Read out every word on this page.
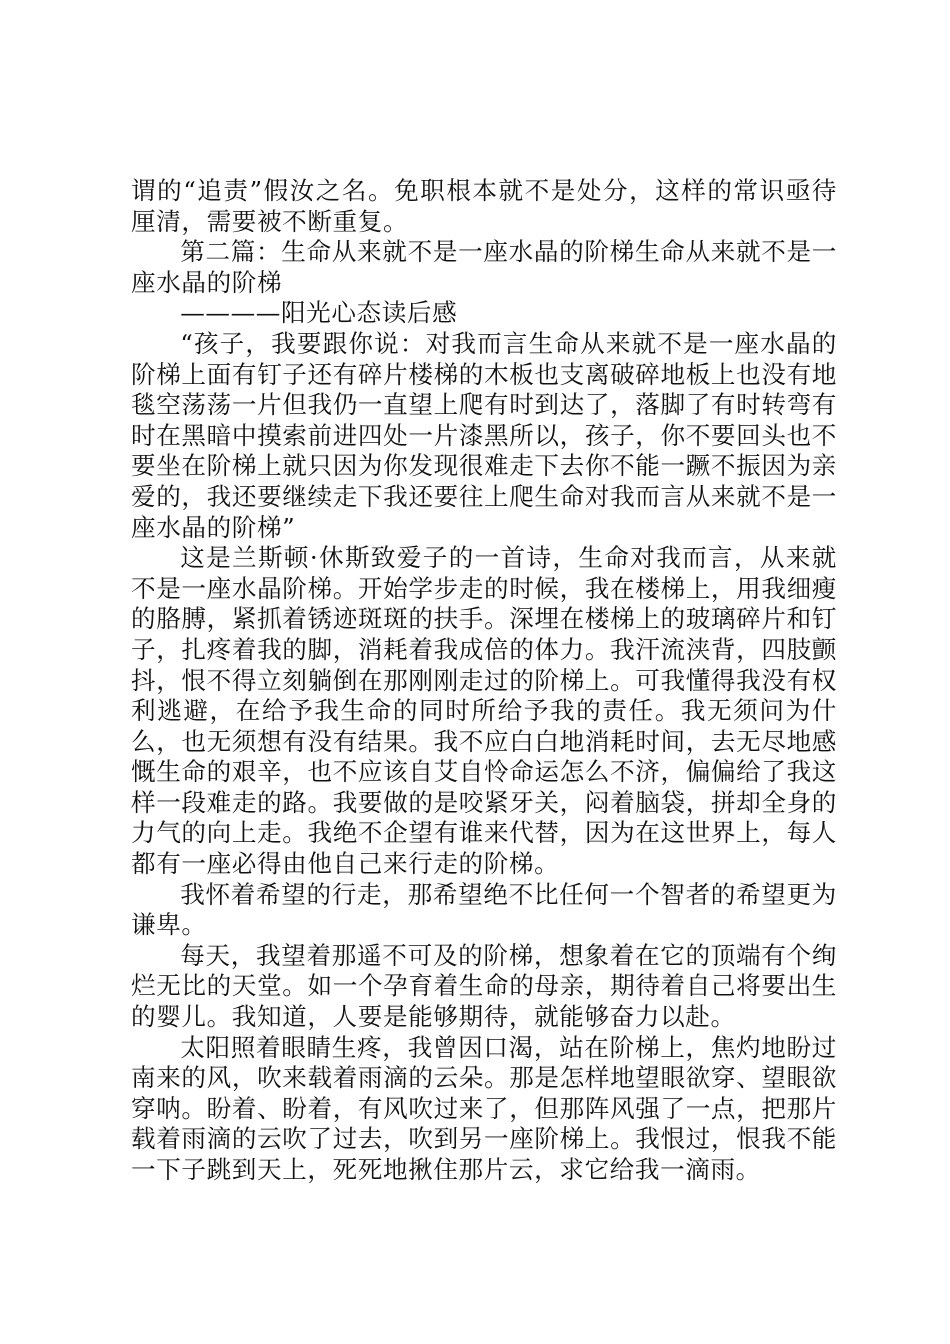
谓的“追责”假汝之名。免职根本就不是处分，这样的常识亟待厘清，需要被不断重复。

第二篇：生命从来就不是一座水晶的阶梯生命从来就不是一座水晶的阶梯

————阳光心态读后感

“孩子，我要跟你说：对我而言生命从来就不是一座水晶的阶梯上面有钉子还有碎片楼梯的木板也支离破碎地板上也没有地毯空荡荡一片但我仍一直望上爬有时到达了，落脚了有时转弯有时在黑暗中摸索前进四处一片漆黑所以，孩子，你不要回头也不要坐在阶梯上就只因为你发现很难走下去你不能一蹶不振因为亲爱的，我还要继续走下我还要往上爬生命对我而言从来就不是一座水晶的阶梯”

这是兰斯顿·休斯致爱子的一首诗，生命对我而言，从来就不是一座水晶阶梯。开始学步走的时候，我在楼梯上，用我细瘦的胳膊，紧抓着锈迹斑斑的扶手。深埋在楼梯上的玻璃碎片和钉子，扎疼着我的脚，消耗着我成倍的体力。我汗流浃背，四肢颤抖，恨不得立刻躺倒在那刚刚走过的阶梯上。可我懂得我没有权利逃避，在给予我生命的同时所给予我的责任。我无须问为什么，也无须想有没有结果。我不应白白地消耗时间，去无尽地感慨生命的艰辛，也不应该自艾自怜命运怎么不济，偏偏给了我这样一段难走的路。我要做的是咬紧牙关，闷着脑袋，拼却全身的力气的向上走。我绝不企望有谁来代替，因为在这世界上，每人都有一座必得由他自己来行走的阶梯。

我怀着希望的行走，那希望绝不比任何一个智者的希望更为谦卑。

每天，我望着那遥不可及的阶梯，想象着在它的顶端有个绚烂无比的天堂。如一个孕育着生命的母亲，期待着自己将要出生的婴儿。我知道，人要是能够期待，就能够奋力以赴。

太阳照着眼睛生疼，我曾因口渴，站在阶梯上，焦灼地盼过南来的风，吹来载着雨滴的云朵。那是怎样地望眼欲穿、望眼欲穿呐。盼着、盼着，有风吹过来了，但那阵风强了一点，把那片载着雨滴的云吹了过去，吹到另一座阶梯上。我恨过，恨我不能一下子跳到天上，死死地揪住那片云，求它给我一滴雨。
